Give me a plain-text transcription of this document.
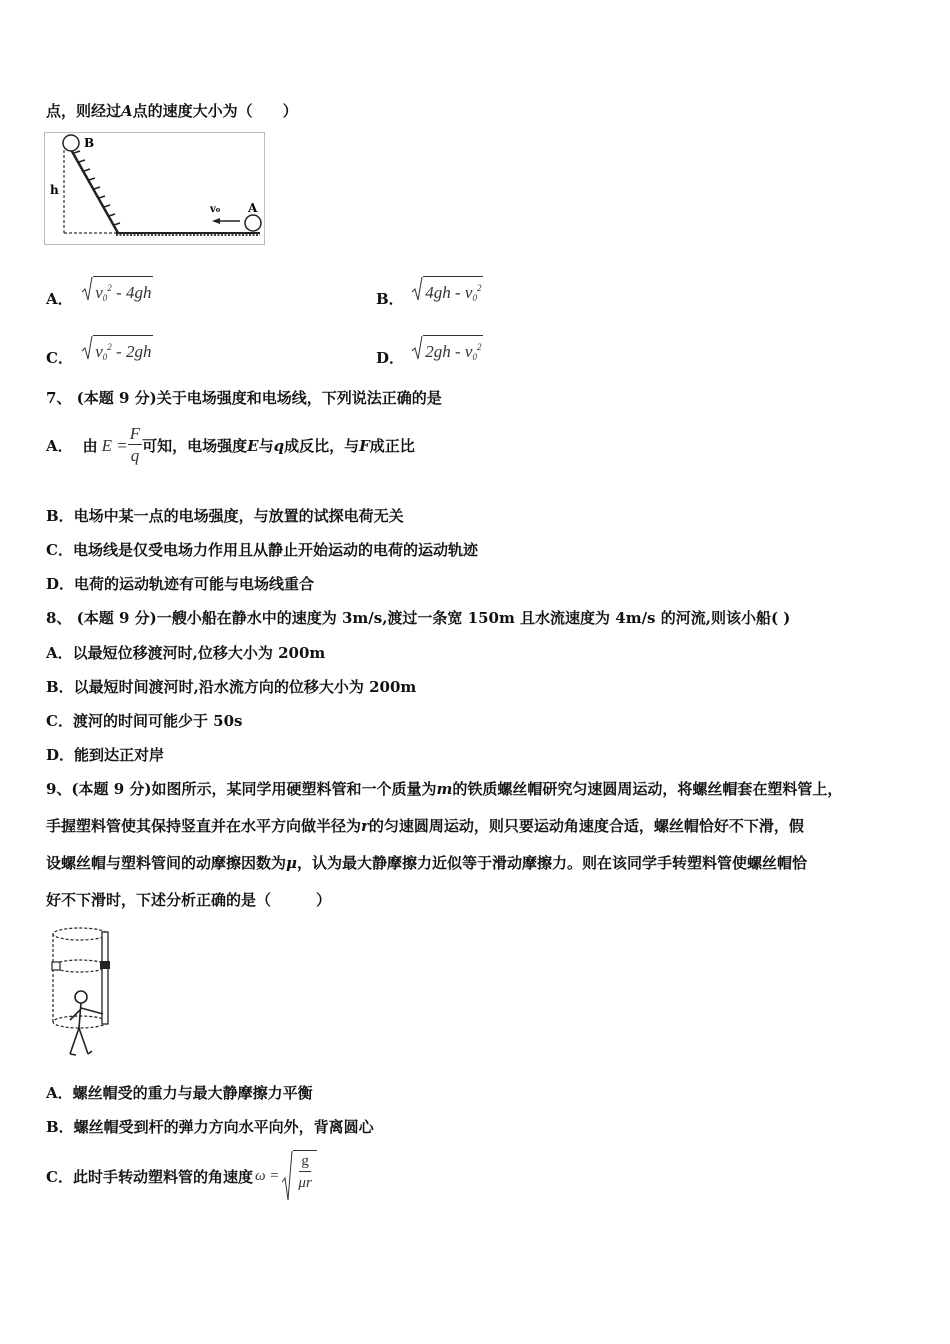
点，则经过A点的速度大小为（　　）
B
h
A
v₀
A． $v_0^2 - 4gh$	B． $4gh - v_0^2$
C． $v_0^2 - 2gh$	D． $2gh - v_0^2$
7、 (本题 9 分)关于电场强度和电场线，下列说法正确的是
A． 由 $E = \frac{F}{q}$ 可知，电场强度 E 与 q 成反比，与 F 成正比
B．电场中某一点的电场强度，与放置的试探电荷无关
C．电场线是仅受电场力作用且从静止开始运动的电荷的运动轨迹
D．电荷的运动轨迹有可能与电场线重合
8、 (本题 9 分)一艘小船在静水中的速度为 3m/s,渡过一条宽 150m 且水流速度为 4m/s 的河流,则该小船( )
A．以最短位移渡河时,位移大小为 200m
B．以最短时间渡河时,沿水流方向的位移大小为 200m
C．渡河的时间可能少于 50s
D．能到达正对岸
9、(本题 9 分)如图所示，某同学用硬塑料管和一个质量为m的铁质螺丝帽研究匀速圆周运动，将螺丝帽套在塑料管上，
手握塑料管使其保持竖直并在水平方向做半径为r的匀速圆周运动，则只要运动角速度合适，螺丝帽恰好不下滑，假
设螺丝帽与塑料管间的动摩擦因数为μ，认为最大静摩擦力近似等于滑动摩擦力。则在该同学手转塑料管使螺丝帽恰
好不下滑时，下述分析正确的是（　　　）
A．螺丝帽受的重力与最大静摩擦力平衡
B．螺丝帽受到杆的弹力方向水平向外，背离圆心
C．此时手转动塑料管的角速度 $\omega = \frac{g}{\mu r}$
